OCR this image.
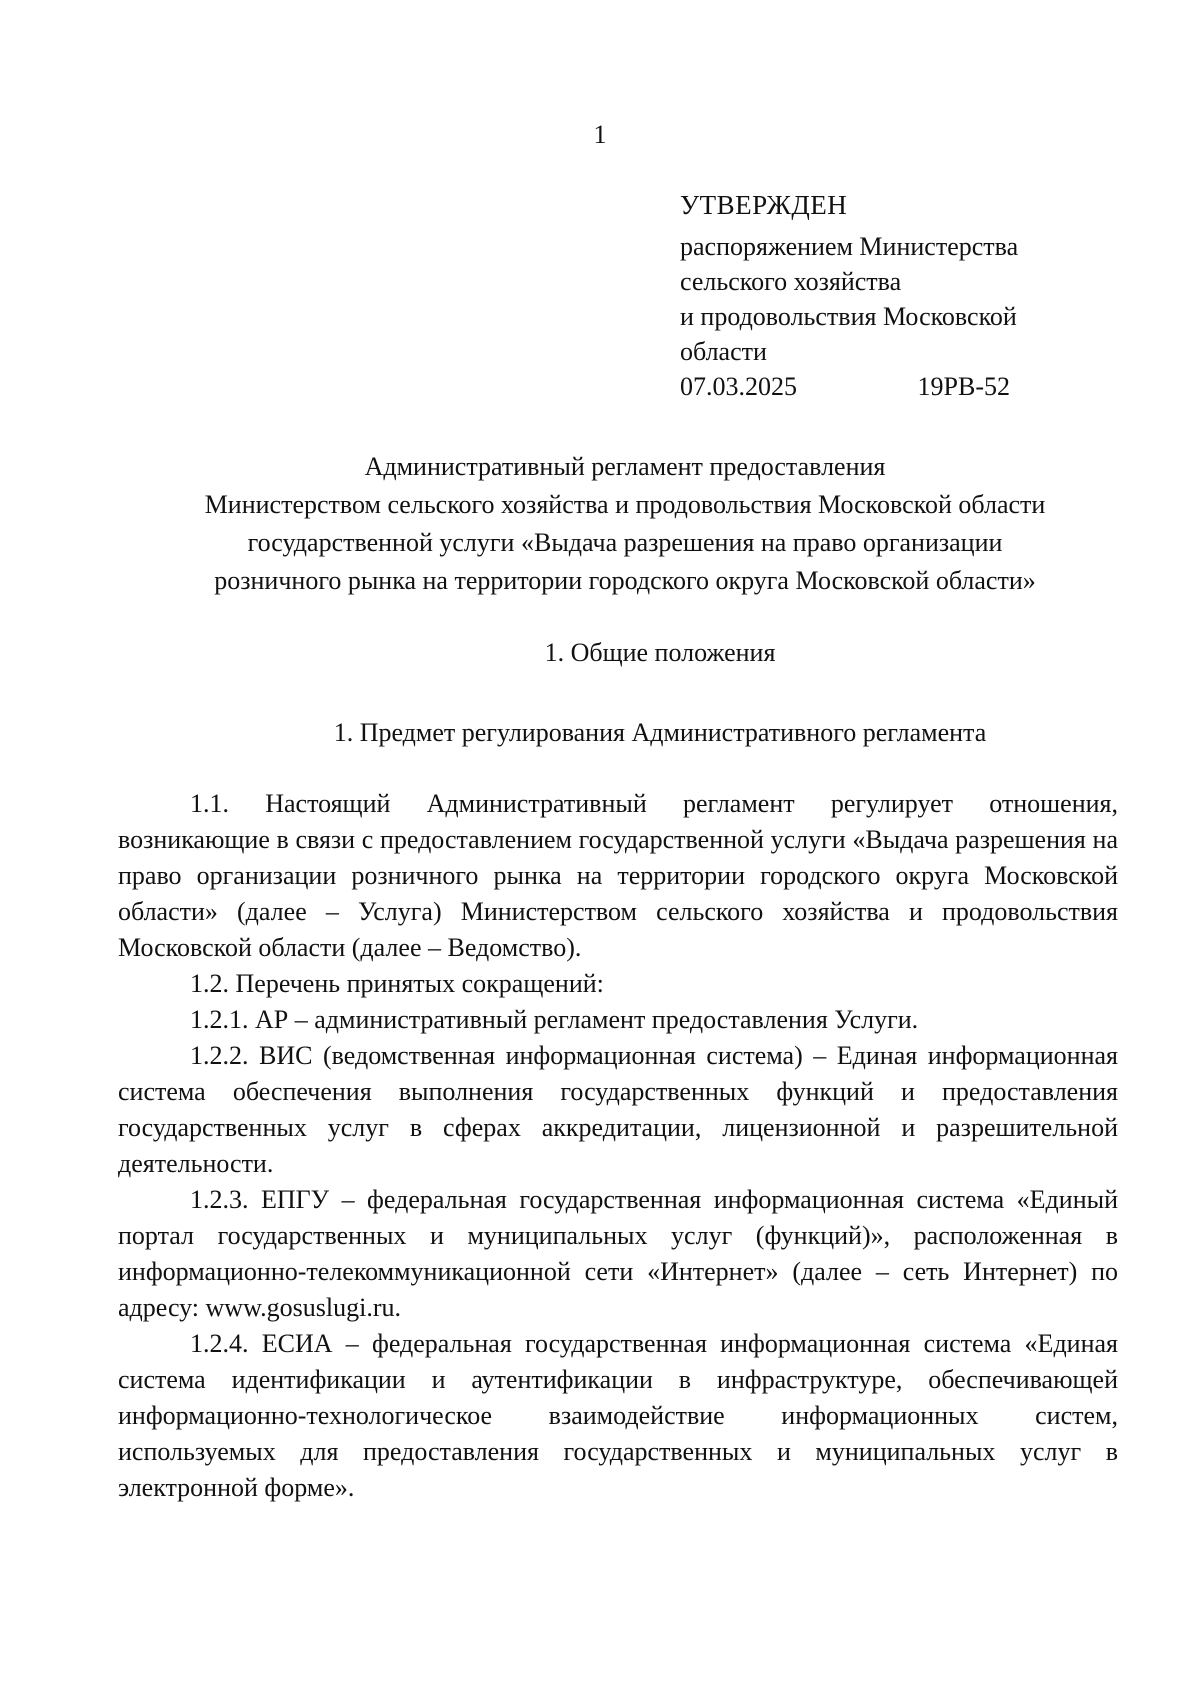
1
УТВЕРЖДЕН
распоряжением Министерства
сельского хозяйства
и продовольствия Московской
области
07.03.2025	19РВ-52
Административный регламент предоставления
Министерством сельского хозяйства и продовольствия Московской области
государственной услуги «Выдача разрешения на право организации
розничного рынка на территории городского округа Московской области»
1. Общие положения
1. Предмет регулирования Административного регламента

1.1. Настоящий Административный регламент регулирует отношения, возникающие в связи с предоставлением государственной услуги «Выдача разрешения на право организации розничного рынка на территории городского округа Московской области» (далее – Услуга) Министерством сельского хозяйства и продовольствия Московской области (далее – Ведомство).

1.2. Перечень принятых сокращений:

1.2.1. АР – административный регламент предоставления Услуги.

1.2.2. ВИС (ведомственная информационная система) – Единая информационная система обеспечения выполнения государственных функций и предоставления государственных услуг в сферах аккредитации, лицензионной и разрешительной деятельности.

1.2.3. ЕПГУ – федеральная государственная информационная система «Единый портал государственных и муниципальных услуг (функций)», расположенная в информационно-телекоммуникационной сети «Интернет» (далее – сеть Интернет) по адресу: www.gosuslugi.ru.

1.2.4. ЕСИА – федеральная государственная информационная система «Единая система идентификации и аутентификации в инфраструктуре, обеспечивающей информационно-технологическое взаимодействие информационных систем, используемых для предоставления государственных и муниципальных услуг в электронной форме».
